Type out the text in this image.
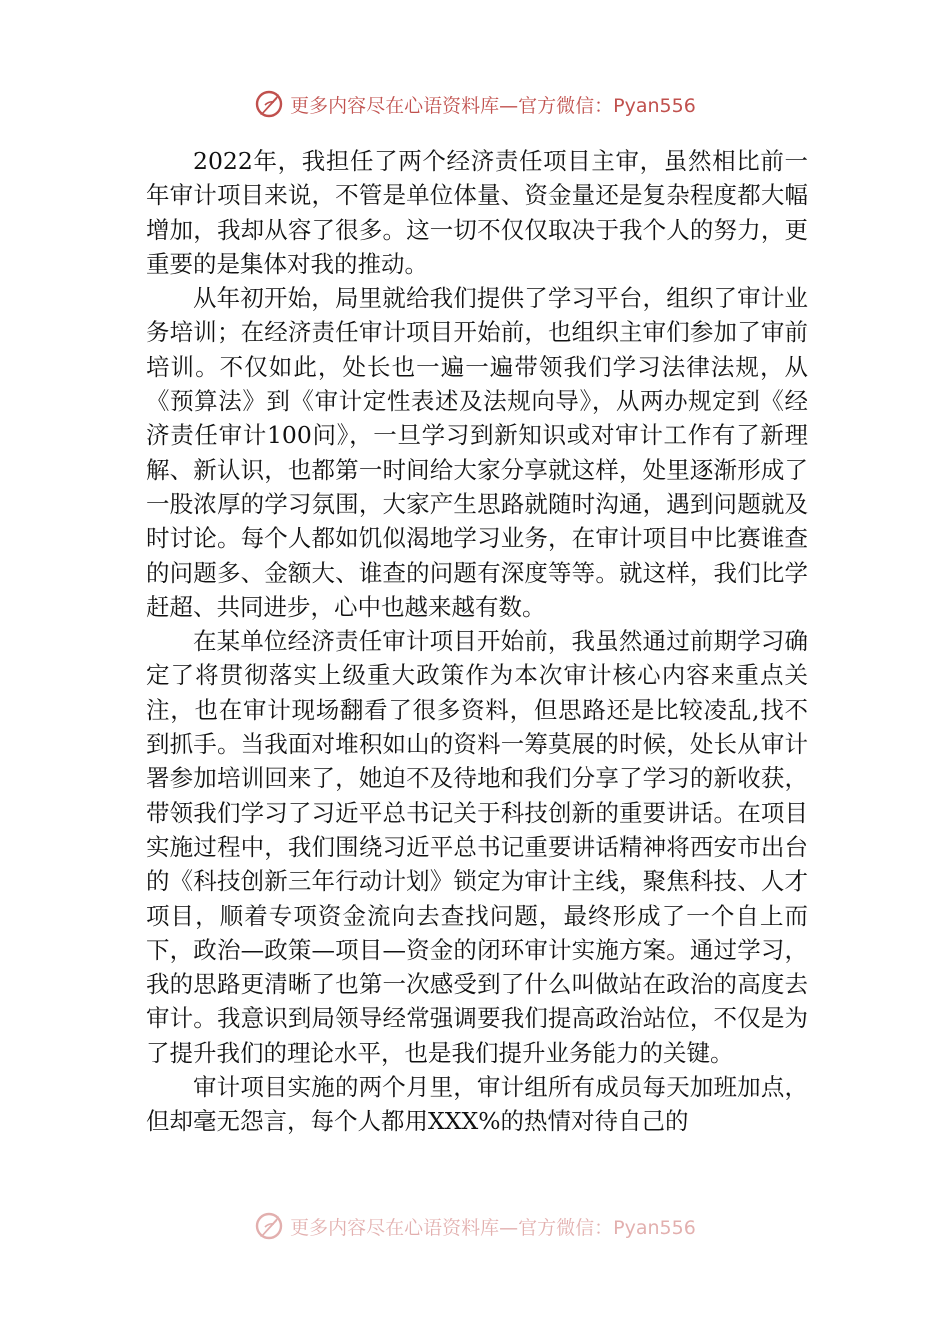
更多内容尽在心语资料库—官方微信：Pyan556

2022年，我担任了两个经济责任项目主审，虽然相比前一年审计项目来说，不管是单位体量、资金量还是复杂程度都大幅增加，我却从容了很多。这一切不仅仅取决于我个人的努力，更重要的是集体对我的推动。

从年初开始，局里就给我们提供了学习平台，组织了审计业务培训；在经济责任审计项目开始前，也组织主审们参加了审前培训。不仅如此，处长也一遍一遍带领我们学习法律法规，从《预算法》到《审计定性表述及法规向导》，从两办规定到《经济责任审计100问》，一旦学习到新知识或对审计工作有了新理解、新认识，也都第一时间给大家分享就这样，处里逐渐形成了一股浓厚的学习氛围，大家产生思路就随时沟通，遇到问题就及时讨论。每个人都如饥似渴地学习业务，在审计项目中比赛谁查的问题多、金额大、谁查的问题有深度等等。就这样，我们比学赶超、共同进步，心中也越来越有数。

在某单位经济责任审计项目开始前，我虽然通过前期学习确定了将贯彻落实上级重大政策作为本次审计核心内容来重点关注，也在审计现场翻看了很多资料，但思路还是比较凌乱,找不到抓手。当我面对堆积如山的资料一筹莫展的时候，处长从审计署参加培训回来了，她迫不及待地和我们分享了学习的新收获，带领我们学习了习近平总书记关于科技创新的重要讲话。在项目实施过程中，我们围绕习近平总书记重要讲话精神将西安市出台的《科技创新三年行动计划》锁定为审计主线，聚焦科技、人才项目，顺着专项资金流向去查找问题，最终形成了一个自上而下，政治—政策—项目—资金的闭环审计实施方案。通过学习，我的思路更清晰了也第一次感受到了什么叫做站在政治的高度去审计。我意识到局领导经常强调要我们提高政治站位，不仅是为了提升我们的理论水平，也是我们提升业务能力的关键。

审计项目实施的两个月里，审计组所有成员每天加班加点，但却毫无怨言，每个人都用XXX%的热情对待自己的

更多内容尽在心语资料库—官方微信：Pyan556
